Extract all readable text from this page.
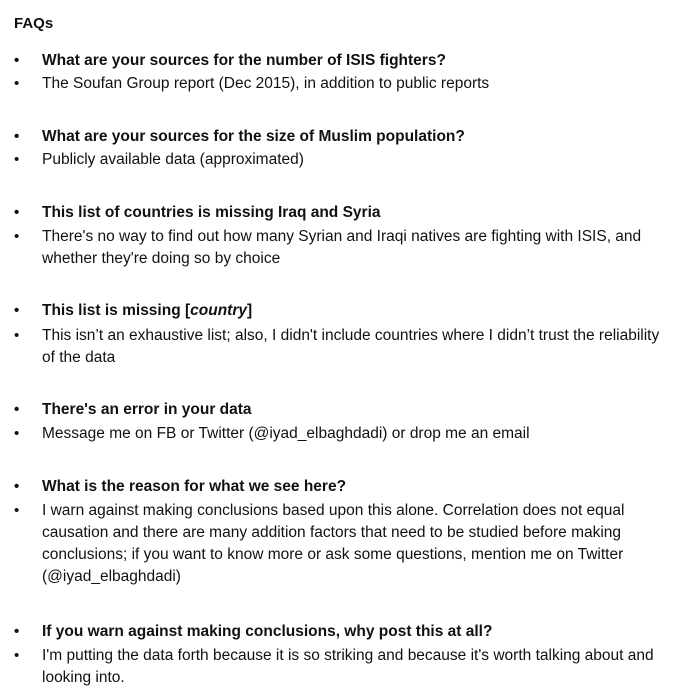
FAQs
•	What are your sources for the number of ISIS fighters?
•	The Soufan Group report (Dec 2015), in addition to public reports
•	What are your sources for the size of Muslim population?
•	Publicly available data (approximated)
•	This list of countries is missing Iraq and Syria
•	There's no way to find out how many Syrian and Iraqi natives are fighting with ISIS, and whether they're doing so by choice
•	This list is missing [country]
•	This isn’t an exhaustive list; also, I didn't include countries where I didn’t trust the reliability of the data
•	There's an error in your data
•	Message me on FB or Twitter (@iyad_elbaghdadi) or drop me an email
•	What is the reason for what we see here?
•	I warn against making conclusions based upon this alone. Correlation does not equal causation and there are many addition factors that need to be studied before making conclusions; if you want to know more or ask some questions, mention me on Twitter (@iyad_elbaghdadi)
•	If you warn against making conclusions, why post this at all?
•	I'm putting the data forth because it is so striking and because it's worth talking about and looking into.
